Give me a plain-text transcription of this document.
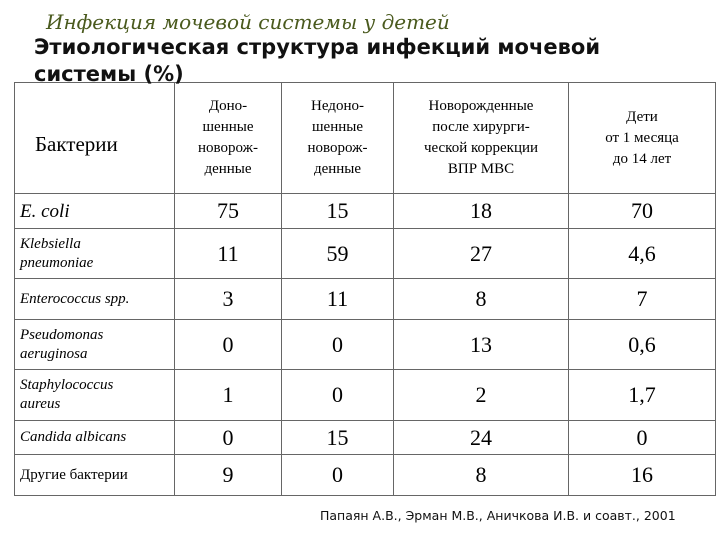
Инфекция мочевой системы у детей
Этиологическая структура инфекций мочевой системы (%)
Бактерии	Доно-
шенные
новорож-
денные	Недоно-
шенные
новорож-
денные	Новорожденные
после хирурги-
ческой коррекции
ВПР МВС	Дети
от 1 месяца
до 14 лет
E. coli	75	15	18	70
Klebsiella
pneumoniae	11	59	27	4,6
Enterococcus spp.	3	11	8	7
Pseudomonas
aeruginosa	0	0	13	0,6
Staphylococcus
aureus	1	0	2	1,7
Candida albicans	0	15	24	0
Другие бактерии	9	0	8	16
Папаян А.В., Эрман М.В., Аничкова И.В. и соавт., 2001
